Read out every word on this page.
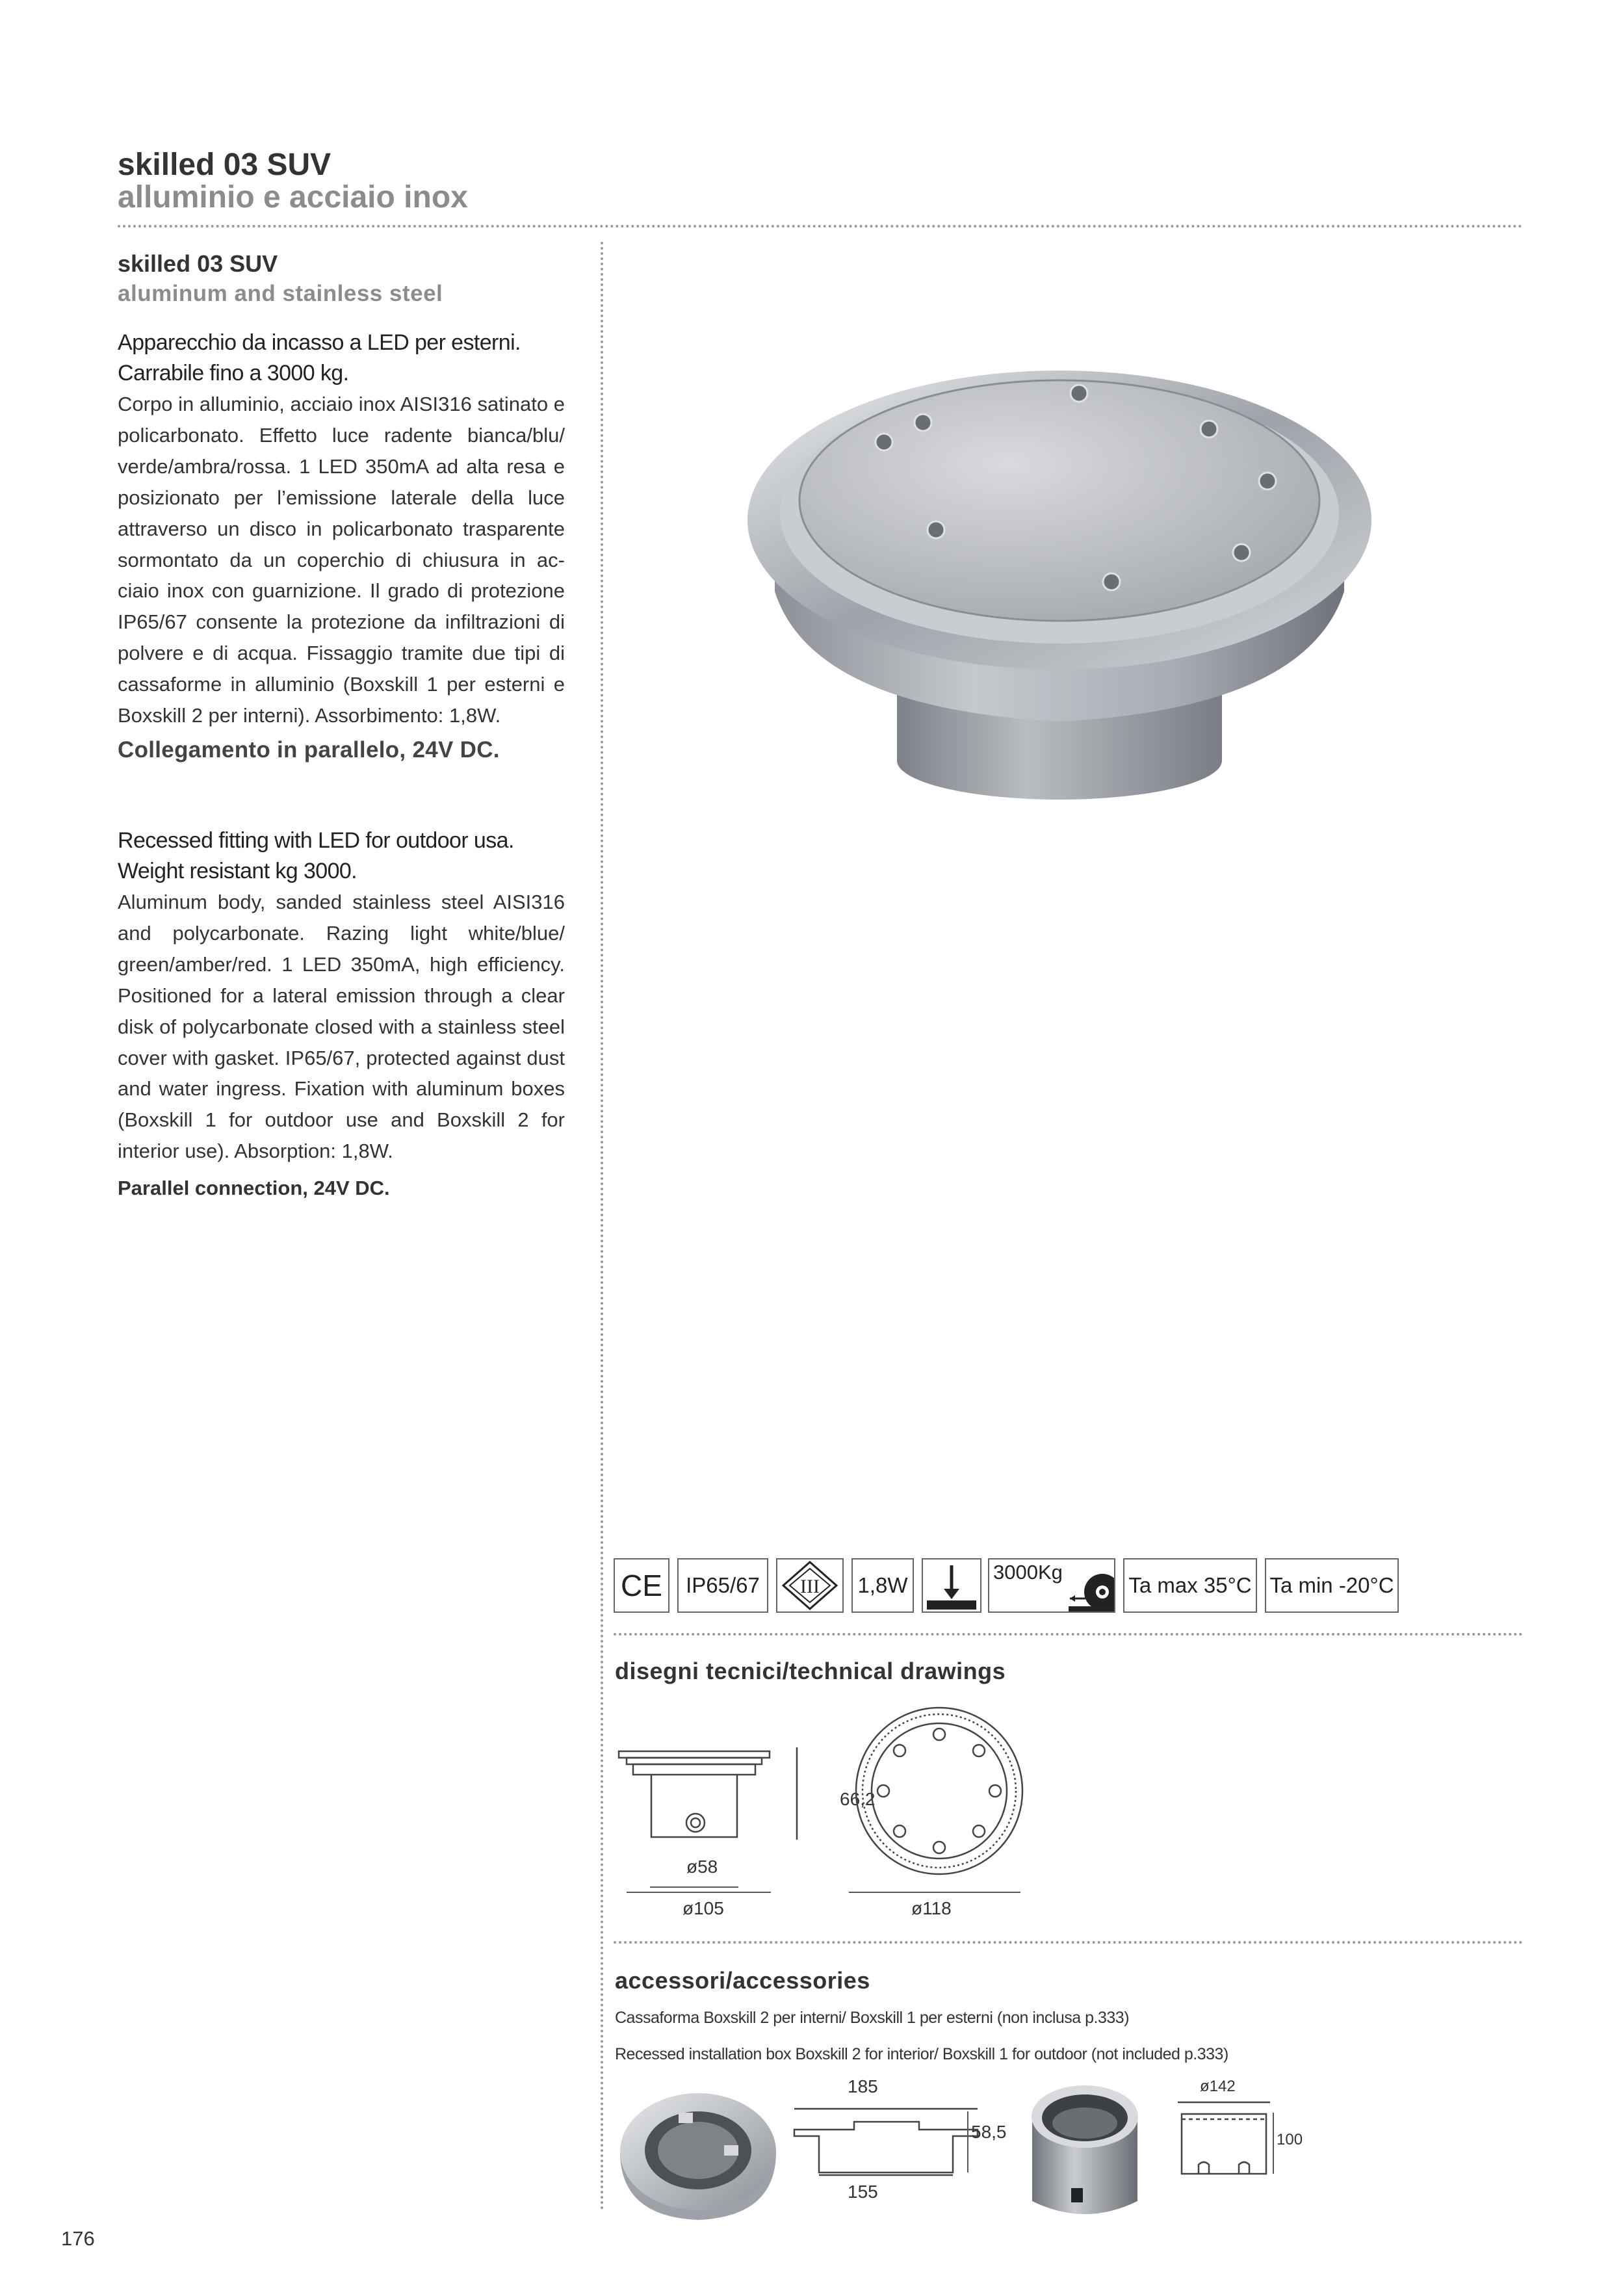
skilled 03 SUV
alluminio e acciaio inox
skilled 03 SUV
aluminum and stainless steel
Apparecchio da incasso a LED per esterni.
Carrabile fino a 3000 kg.

Corpo in alluminio, acciaio inox AISI316 satinato e policarbonato. Effetto luce radente bianca/blu/ verde/ambra/rossa. 1 LED 350mA ad alta resa e posizionato per l’emissione laterale della luce attraverso un disco in policarbonato trasparente sormontato da un coperchio di chiusura in ac- ciaio inox con guarnizione. Il grado di protezione IP65/67 consente la protezione da infiltrazioni di polvere e di acqua. Fissaggio tramite due tipi di cassaforme in alluminio (Boxskill 1 per esterni e Boxskill 2 per interni). Assorbimento: 1,8W.

Collegamento in parallelo, 24V DC.
Recessed fitting with LED for outdoor usa.
Weight resistant kg 3000.

Aluminum body, sanded stainless steel AISI316 and polycarbonate. Razing light white/blue/ green/amber/red. 1 LED 350mA, high efficiency. Positioned for a lateral emission through a clear disk of polycarbonate closed with a stainless steel cover with gasket. IP65/67, protected against dust and water ingress. Fixation with aluminum boxes (Boxskill 1 for outdoor use and Boxskill 2 for interior use). Absorption: 1,8W.

Parallel connection, 24V DC.
CE IP65/67 III 1,8W
3000Kg
Ta max 35°C Ta min -20°C
disegni tecnici/technical drawings
66,2
ø58
ø105	ø118
accessori/accessories
Cassaforma Boxskill 2 per interni/ Boxskill 1 per esterni (non inclusa p.333)
Recessed installation box Boxskill 2 for interior/ Boxskill 1 for outdoor (not included p.333)
185
58,5
155
ø142
100
176
